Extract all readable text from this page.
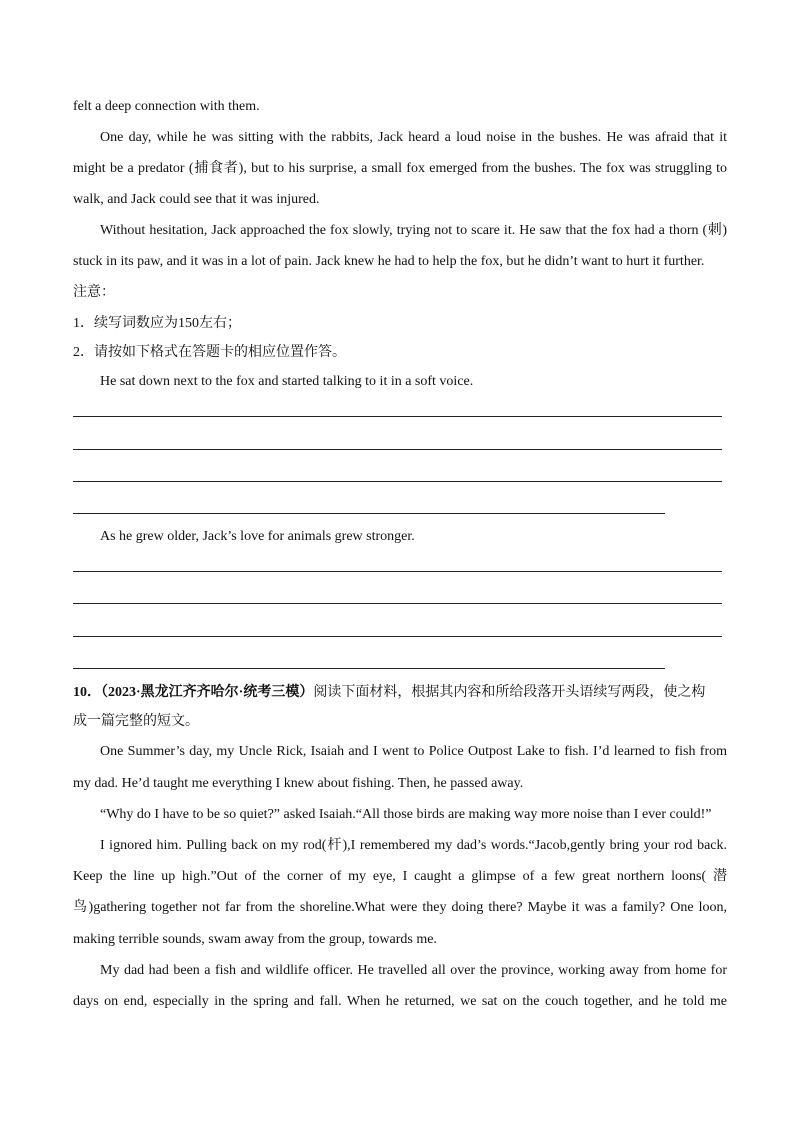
felt a deep connection with them.
One day, while he was sitting with the rabbits, Jack heard a loud noise in the bushes. He was afraid that it
might be a predator (捕食者), but to his surprise, a small fox emerged from the bushes. The fox was struggling to
walk, and Jack could see that it was injured.
Without hesitation, Jack approached the fox slowly, trying not to scare it. He saw that the fox had a thorn (刺)
stuck in its paw, and it was in a lot of pain. Jack knew he had to help the fox, but he didn’t want to hurt it further.
注意：
1．续写词数应为150左右；
2．请按如下格式在答题卡的相应位置作答。
He sat down next to the fox and started talking to it in a soft voice.
As he grew older, Jack’s love for animals grew stronger.
10．（2023·黑龙江齐齐哈尔·统考三模）阅读下面材料，根据其内容和所给段落开头语续写两段，使之构
成一篇完整的短文。
One Summer’s day, my Uncle Rick, Isaiah and I went to Police Outpost Lake to fish. I’d learned to fish from
my dad. He’d taught me everything I knew about fishing. Then, he passed away.
“Why do I have to be so quiet?” asked Isaiah.“All those birds are making way more noise than I ever could!”
I ignored him. Pulling back on my rod(杆),I remembered my dad’s words.“Jacob,gently bring your rod back.
Keep the line up high.”Out of the corner of my eye, I caught a glimpse of a few great northern loons( 潜
鸟)gathering together not far from the shoreline.What were they doing there? Maybe it was a family? One loon,
making terrible sounds, swam away from the group, towards me.
My dad had been a fish and wildlife officer. He travelled all over the province, working away from home for
days on end, especially in the spring and fall. When he returned, we sat on the couch together, and he told me
